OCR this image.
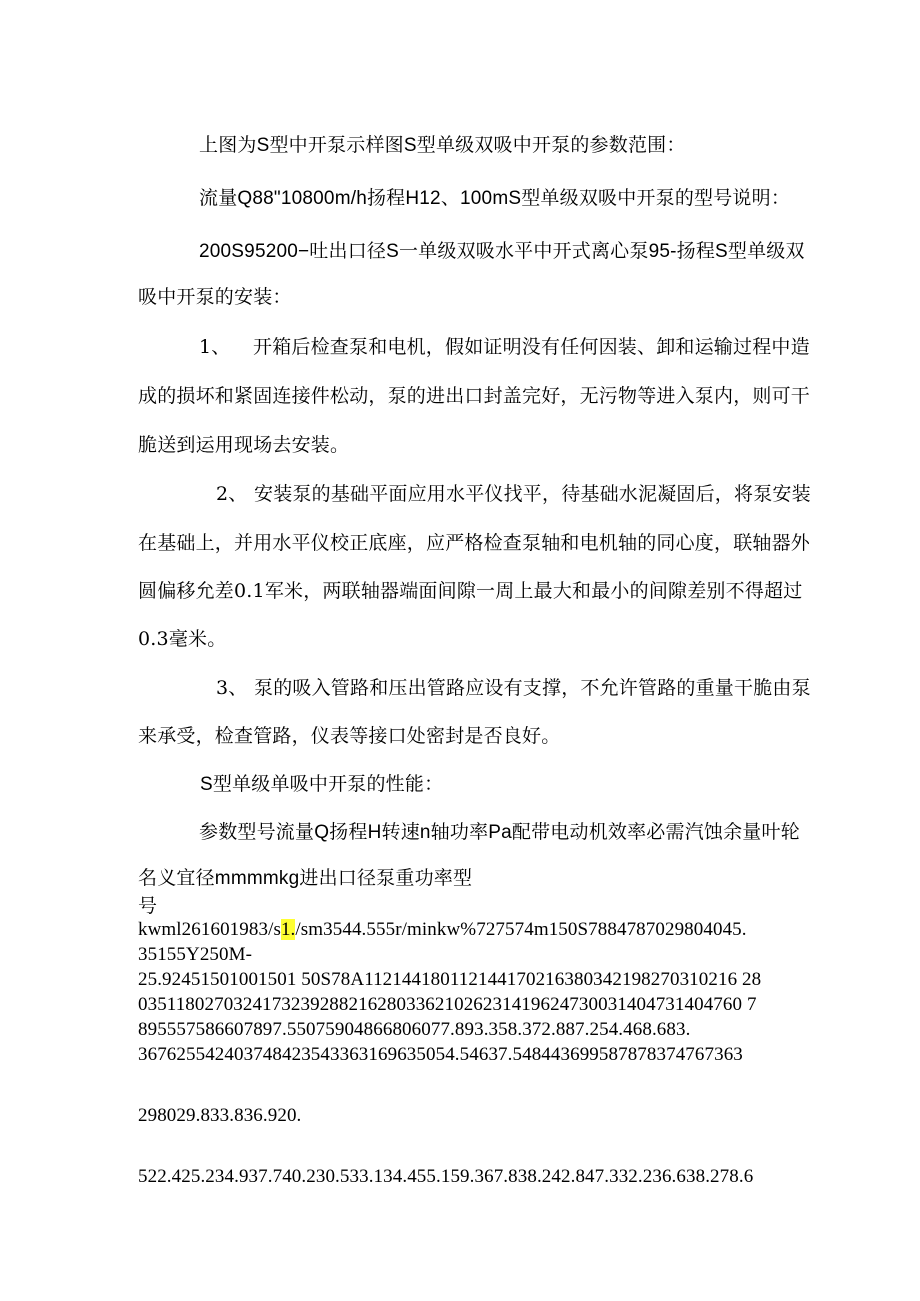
上图为S型中开泵示样图S型单级双吸中开泵的参数范围：
流量Q88"10800m/h扬程H12、100mS型单级双吸中开泵的型号说明：
200S95200−吐出口径S一单级双吸水平中开式离心泵95-扬程S型单级双
吸中开泵的安装：
1、 开箱后检查泵和电机，假如证明没有任何因装、卸和运输过程中造
成的损坏和紧固连接件松动，泵的进出口封盖完好，无污物等进入泵内，则可干
脆送到运用现场去安装。
2、 安装泵的基础平面应用水平仪找平，待基础水泥凝固后，将泵安装
在基础上，并用水平仪校正底座，应严格检查泵轴和电机轴的同心度，联轴器外
圆偏移允差0.1军米，两联轴器端面间隙一周上最大和最小的间隙差别不得超过
0.3毫米。
3、 泵的吸入管路和压出管路应设有支撑，不允许管路的重量干脆由泵
来承受，检查管路，仪表等接口处密封是否良好。
S型单级单吸中开泵的性能：
参数型号流量Q扬程H转速n轴功率Pa配带电动机效率必需汽蚀余量叶轮
名义宜径mmmmkg进出口径泵重功率型
号
kwml261601983/s1./sm3544.555r/minkw%727574m150S7884787029804045.
35155Y250M-
25.92451501001501 50S78A112144180112144170216380342198270310216 28
035118027032417323928821628033621026231419624730031404731404760 7
895557586607897.55075904866806077.893.358.372.887.254.468.683.
367625542403748423543363169635054.54637.548443699587878374767363
298029.833.836.920.
522.425.234.937.740.230.533.134.455.159.367.838.242.847.332.236.638.278.6
